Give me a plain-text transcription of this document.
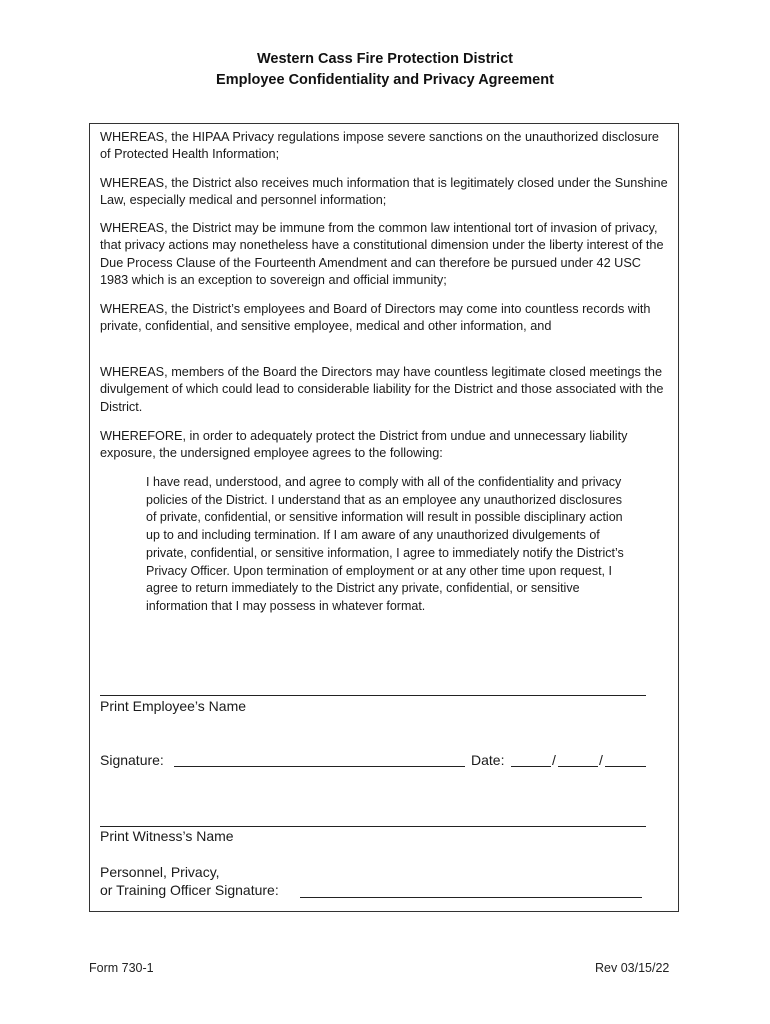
Western Cass Fire Protection District
Employee Confidentiality and Privacy Agreement

WHEREAS, the HIPAA Privacy regulations impose severe sanctions on the unauthorized disclosure of Protected Health Information;

WHEREAS, the District also receives much information that is legitimately closed under the Sunshine Law, especially medical and personnel information;

WHEREAS, the District may be immune from the common law intentional tort of invasion of privacy, that privacy actions may nonetheless have a constitutional dimension under the liberty interest of the Due Process Clause of the Fourteenth Amendment and can therefore be pursued under 42 USC 1983 which is an exception to sovereign and official immunity;

WHEREAS, the District’s employees and Board of Directors may come into countless records with private, confidential, and sensitive employee, medical and other information, and

WHEREAS, members of the Board the Directors may have countless legitimate closed meetings the divulgement of which could lead to considerable liability for the District and those associated with the District.

WHEREFORE, in order to adequately protect the District from undue and unnecessary liability exposure, the undersigned employee agrees to the following:

I have read, understood, and agree to comply with all of the confidentiality and privacy policies of the District. I understand that as an employee any unauthorized disclosures of private, confidential, or sensitive information will result in possible disciplinary action up to and including termination. If I am aware of any unauthorized divulgements of private, confidential, or sensitive information, I agree to immediately notify the District’s Privacy Officer. Upon termination of employment or at any other time upon request, I agree to return immediately to the District any private, confidential, or sensitive information that I may possess in whatever format.

Print Employee’s Name
Signature:	Date:	/	/
Print Witness’s Name
Personnel, Privacy,
or Training Officer Signature:
Form 730-1	Rev 03/15/22
